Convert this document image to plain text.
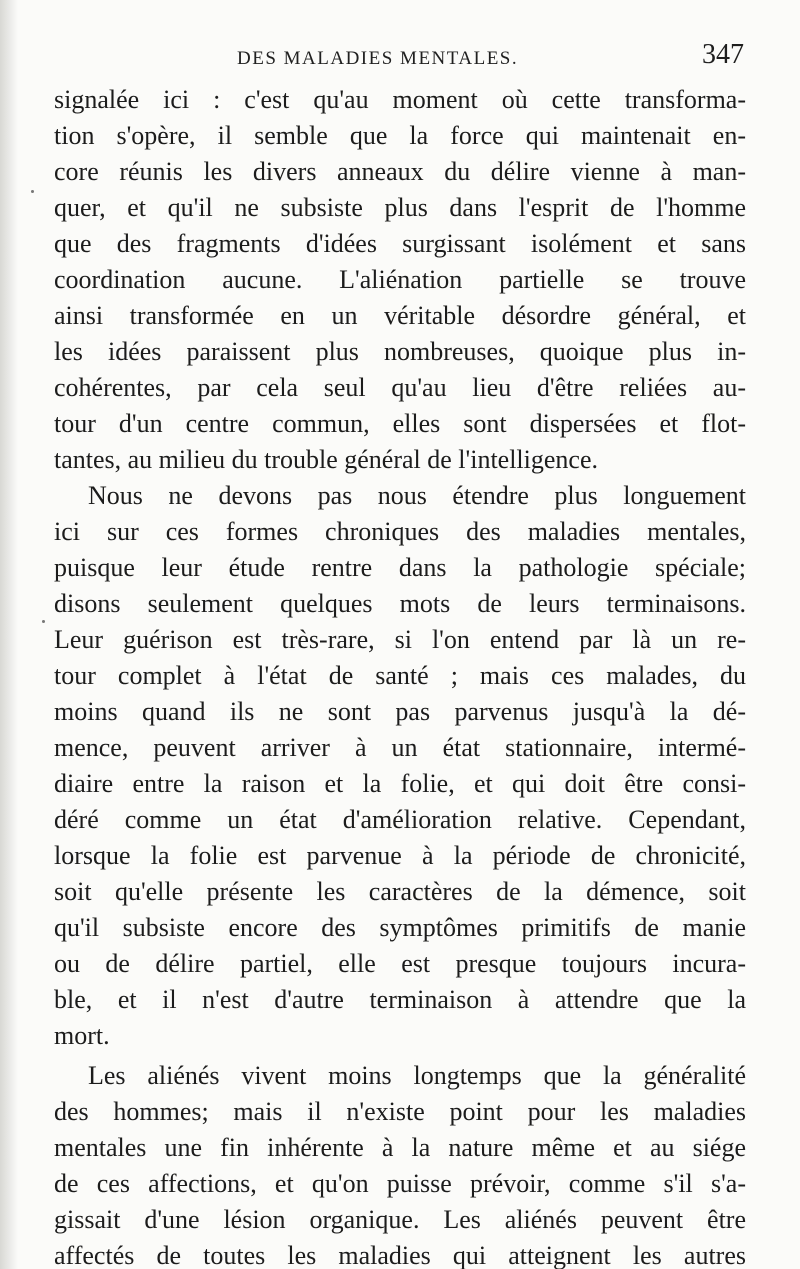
DES MALADIES MENTALES.	347
signalée ici : c'est qu'au moment où cette transforma-
tion s'opère, il semble que la force qui maintenait en-
core réunis les divers anneaux du délire vienne à man-
quer, et qu'il ne subsiste plus dans l'esprit de l'homme
que des fragments d'idées surgissant isolément et sans
coordination aucune. L'aliénation partielle se trouve
ainsi transformée en un véritable désordre général, et
les idées paraissent plus nombreuses, quoique plus in-
cohérentes, par cela seul qu'au lieu d'être reliées au-
tour d'un centre commun, elles sont dispersées et flot-
tantes, au milieu du trouble général de l'intelligence.
Nous ne devons pas nous étendre plus longuement
ici sur ces formes chroniques des maladies mentales,
puisque leur étude rentre dans la pathologie spéciale;
disons seulement quelques mots de leurs terminaisons.
Leur guérison est très-rare, si l'on entend par là un re-
tour complet à l'état de santé ; mais ces malades, du
moins quand ils ne sont pas parvenus jusqu'à la dé-
mence, peuvent arriver à un état stationnaire, intermé-
diaire entre la raison et la folie, et qui doit être consi-
déré comme un état d'amélioration relative. Cependant,
lorsque la folie est parvenue à la période de chronicité,
soit qu'elle présente les caractères de la démence, soit
qu'il subsiste encore des symptômes primitifs de manie
ou de délire partiel, elle est presque toujours incura-
ble, et il n'est d'autre terminaison à attendre que la
mort.
Les aliénés vivent moins longtemps que la généralité
des hommes; mais il n'existe point pour les maladies
mentales une fin inhérente à la nature même et au siége
de ces affections, et qu'on puisse prévoir, comme s'il s'a-
gissait d'une lésion organique. Les aliénés peuvent être
affectés de toutes les maladies qui atteignent les autres
